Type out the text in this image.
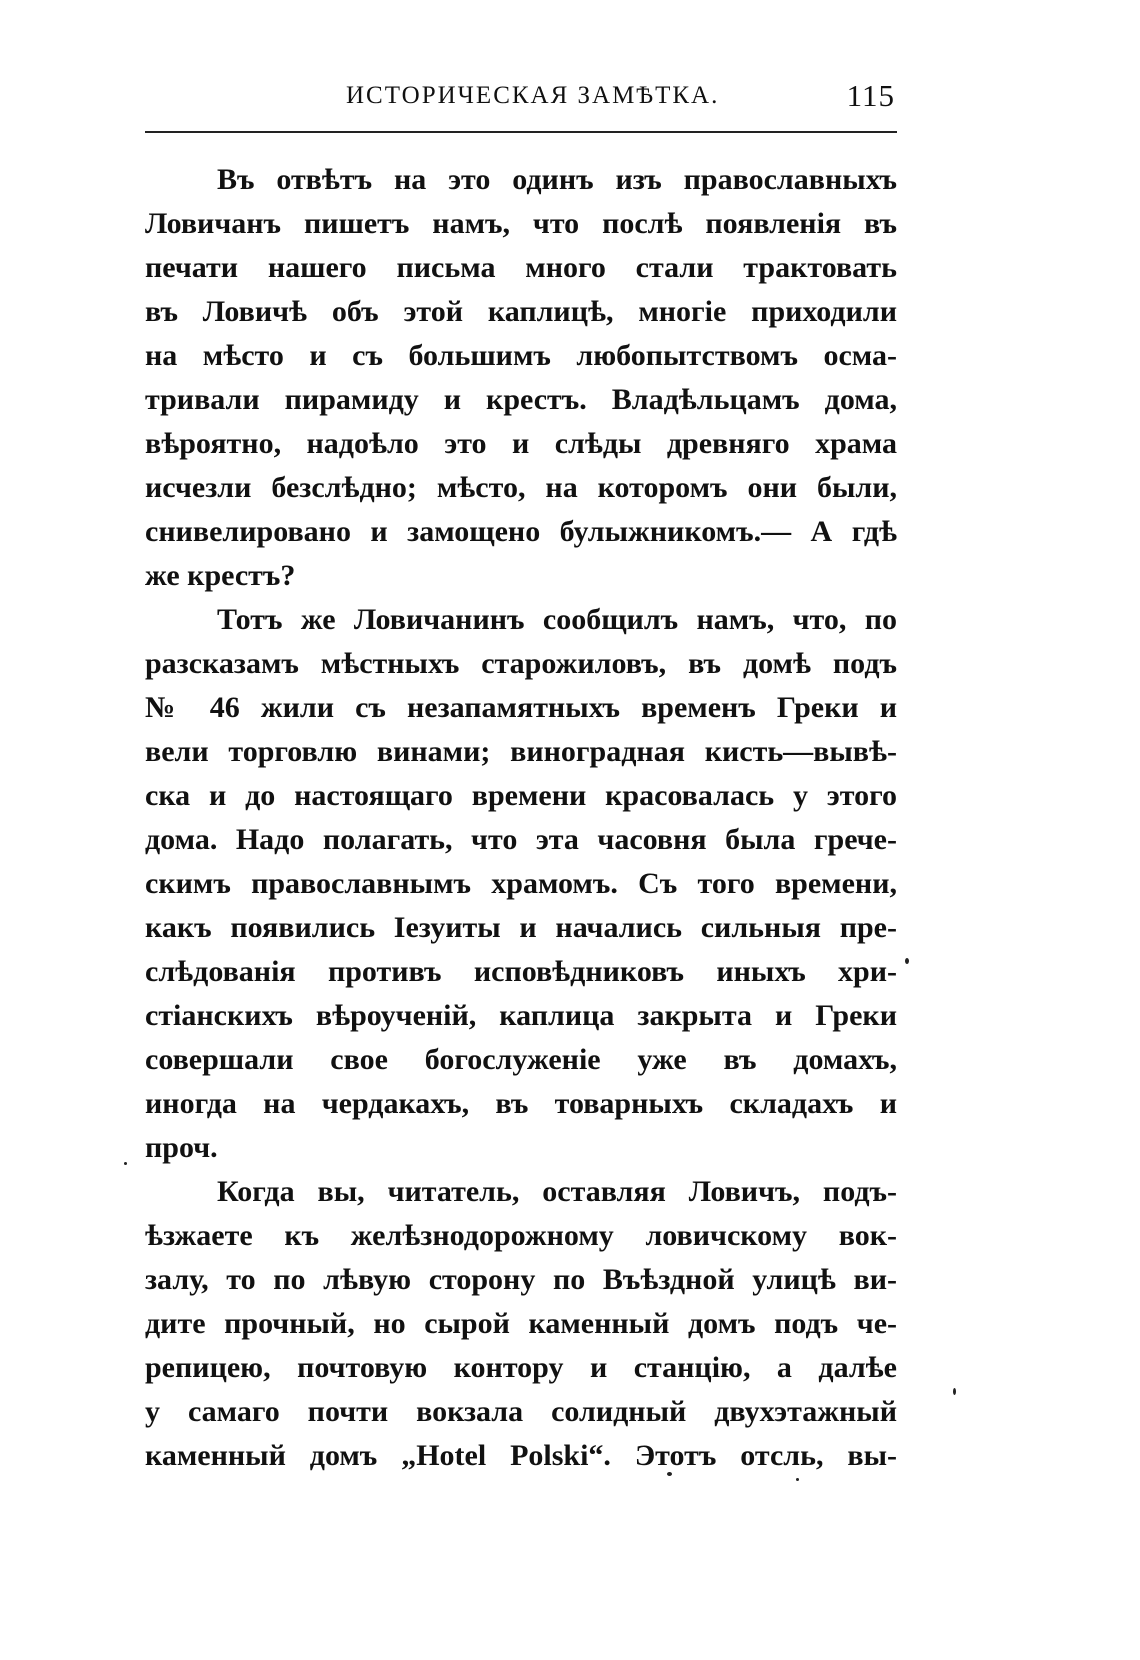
ИСТОРИЧЕСКАЯ ЗАМѢТКА.	115
Въ отвѣтъ на это одинъ изъ православныхъ
Ловичанъ пишетъ намъ, что послѣ появленія въ
печати нашего письма много стали трактовать
въ Ловичѣ объ этой каплицѣ, многіе приходили
на мѣсто и съ большимъ любопытствомъ осма-
тривали пирамиду и крестъ. Владѣльцамъ дома,
вѣроятно, надоѣло это и слѣды древняго храма
исчезли безслѣдно; мѣсто, на которомъ они были,
снивелировано и замощено булыжникомъ.— А гдѣ
же крестъ?
Тотъ же Ловичанинъ сообщилъ намъ, что, по
разсказамъ мѣстныхъ старожиловъ, въ домѣ подъ
№ 46 жили съ незапамятныхъ временъ Греки и
вели торговлю винами; виноградная кисть—вывѣ-
ска и до настоящаго времени красовалась у этого
дома. Надо полагать, что эта часовня была грече-
скимъ православнымъ храмомъ. Съ того времени,
какъ появились Іезуиты и начались сильныя пре-
слѣдованія противъ исповѣдниковъ иныхъ хри-
стіанскихъ вѣроученій, каплица закрыта и Греки
совершали свое богослуженіе уже въ домахъ,
иногда на чердакахъ, въ товарныхъ складахъ и
проч.
Когда вы, читатель, оставляя Ловичъ, подъ-
ѣзжаете къ желѣзнодорожному ловичскому вок-
залу, то по лѣвую сторону по Въѣздной улицѣ ви-
дите прочный, но сырой каменный домъ подъ че-
репицею, почтовую контору и станцію, а далѣе
у самаго почти вокзала солидный двухэтажный
каменный домъ „Hotel Polski“. Этотъ отсль, вы-
